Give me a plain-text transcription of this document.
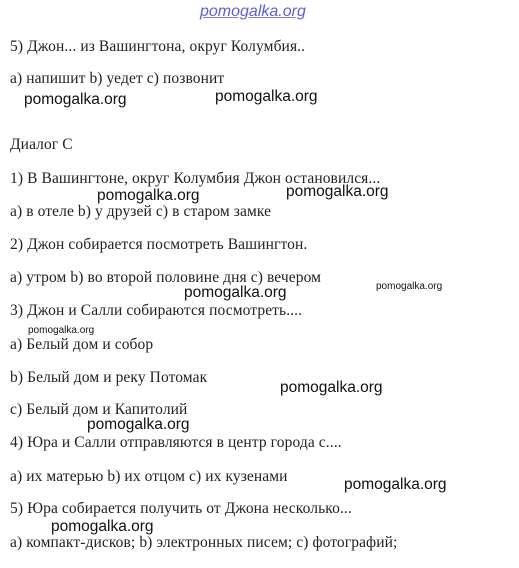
pomogalka.org
5) Джон... из Вашингтона, округ Колумбия..
a) напишит b) уедет c) позвонит
Диалог С
1) В Вашингтоне, округ Колумбия Джон остановился...
a) в отеле b) у друзей c) в старом замке
2) Джон собирается посмотреть Вашингтон.
a) утром b) во второй половине дня c) вечером
3) Джон и Салли собираются посмотреть....
a) Белый дом и собор
b) Белый дом и реку Потомак
c) Белый дом и Капитолий
4) Юра и Салли отправляются в центр города с....
a) их матерью b) их отцом c) их кузенами
5) Юра собирается получить от Джона несколько...
a) компакт-дисков; b) электронных писем; c) фотографий;
pomogalka.org	pomogalka.org
pomogalka.org
pomogalka.org
pomogalka.org	pomogalka.org
pomogalka.org
pomogalka.org
pomogalka.org
pomogalka.org
pomogalka.org
